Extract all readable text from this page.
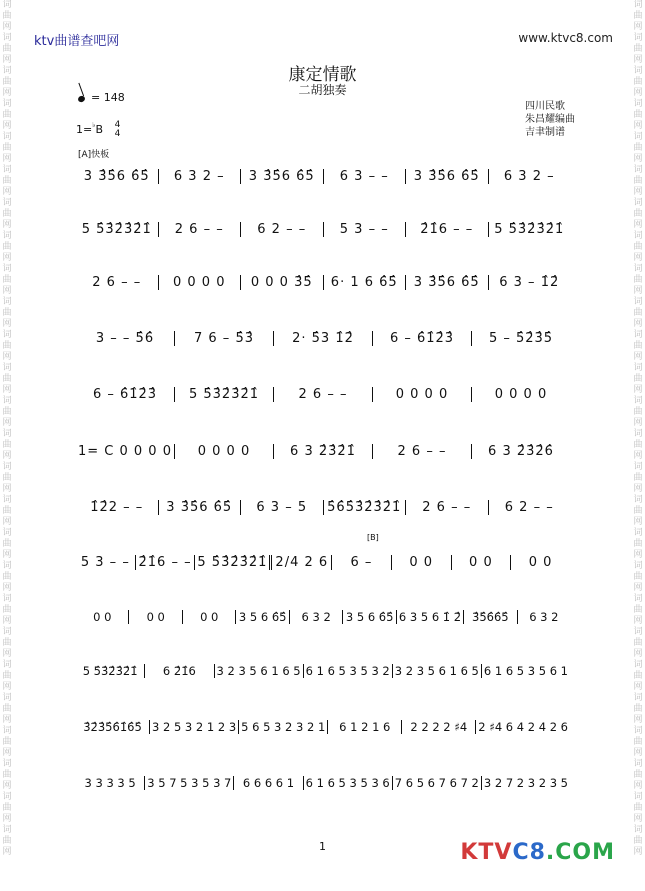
词
曲
网
词
曲
网
词
曲
网
词
曲
网
词
曲
网
词
曲
网
词
曲
网
词
曲
网
词
曲
网
词
曲
网
词
曲
网
词
曲
网
词
曲
网
词
曲
网
词
曲
网
词
曲
网
词
曲
网
词
曲
网
词
曲
网
词
曲
网
词
曲
网
词
曲
网
词
曲
网
词
曲
网
词
曲
网
词
曲
网
词
曲
网
词
曲
网
词
曲
网
词
曲
网
词
曲
网
词
曲
网
词
曲
网
词
曲
网
词
曲
网
词
曲
网
词
曲
网
词
曲
网
词
曲
网
词
曲
网
词
曲
网
词
曲
网
词
曲
网
词
曲
网
词
曲
网
词
曲
网
词
曲
网
词
曲
网
词
曲
网
词
曲
网
词
曲
网
词
曲
网
ktv曲谱查吧网	www.ktvc8.com
康定情歌
二胡独奏
= 148
1=♭B 4
4
四川民歌
朱昌耀编曲
吉聿制谱
[A]快板
[B]
3 3̂5̂6 6̂5̂	6 3 2 –	3 3̂5̂6 6̂5̂	6 3 – –	3 3̂5̂6 6̂5̂	6 3 2 –
5 5̂3̂2̂3̂2̂1̂	2 6 – –	6 2 – –	5 3 – –	2̂1̂6 – –	5 5̂3̂2̂3̂2̂1̂
2 6 – –	0 0 0 0	0 0 0 3̂5̂	6· 1 6 6̂5̂	3 3̂5̂6 6̂5̂	6 3 – 1̂2̂
3 – – 5̂6̂	7 6 – 5̂3̂	2· 5̂3 1̂2̂	6 – 6̂1̂2̂3̂	5 – 5̂2̂3̂5̂
6 – 6̂1̂2̂3̂	5 5̂3̂2̂3̂2̂1̂	2 6 – –	0 0 0 0	0 0 0 0
1= C 0 0 0 0	0 0 0 0	6 3 2̂3̂2̂1̂	2 6 – –	6 3 2̂3̂2̂6̂
1̂2̂2 – –	3 3̂5̂6 6̂5̂	6 3 – 5	5̂6̂5̂3̂2̂3̂2̂1̂	2 6 – –	6 2 – –
5 3 – – 2̂1̂6 – – 5 5̂3̂2̂3̂2̂1̂ 2/4 2 6	6 –	0 0	0 0	0 0
0 0	0 0	0 0	3 5 6 6̂5̂	6 3 2	3 5 6 6̂5̂ 6 3 5 6 1̂ 2̂ 3̂5̂6̂6̂5̂	6 3 2
5 5̂3̂2̂3̂2̂1̂	6 2̂1̂6	3 2 3 5 6 1 6 5 6 1 6 5 3 5 3 2 3 2 3 5 6 1 6 5 6 1 6 5 3 5 6 1
3̂2̂3̂5̂6̂1̂6̂5̂ 3 2 5 3 2 1 2 3 5 6 5 3 2 3 2 1	6 1 2 1 6	2 2 2 2 ♯4 2 ♯4 6 4 2 4 2 6
3 3 3 3 5	3 5 7 5 3 5 3 7	6 6 6 6 1	6 1 6 5 3 5 3 6 7 6 5 6 7 6 7 2 3 2 7 2 3 2 3 5
1	KTVC8.COM
